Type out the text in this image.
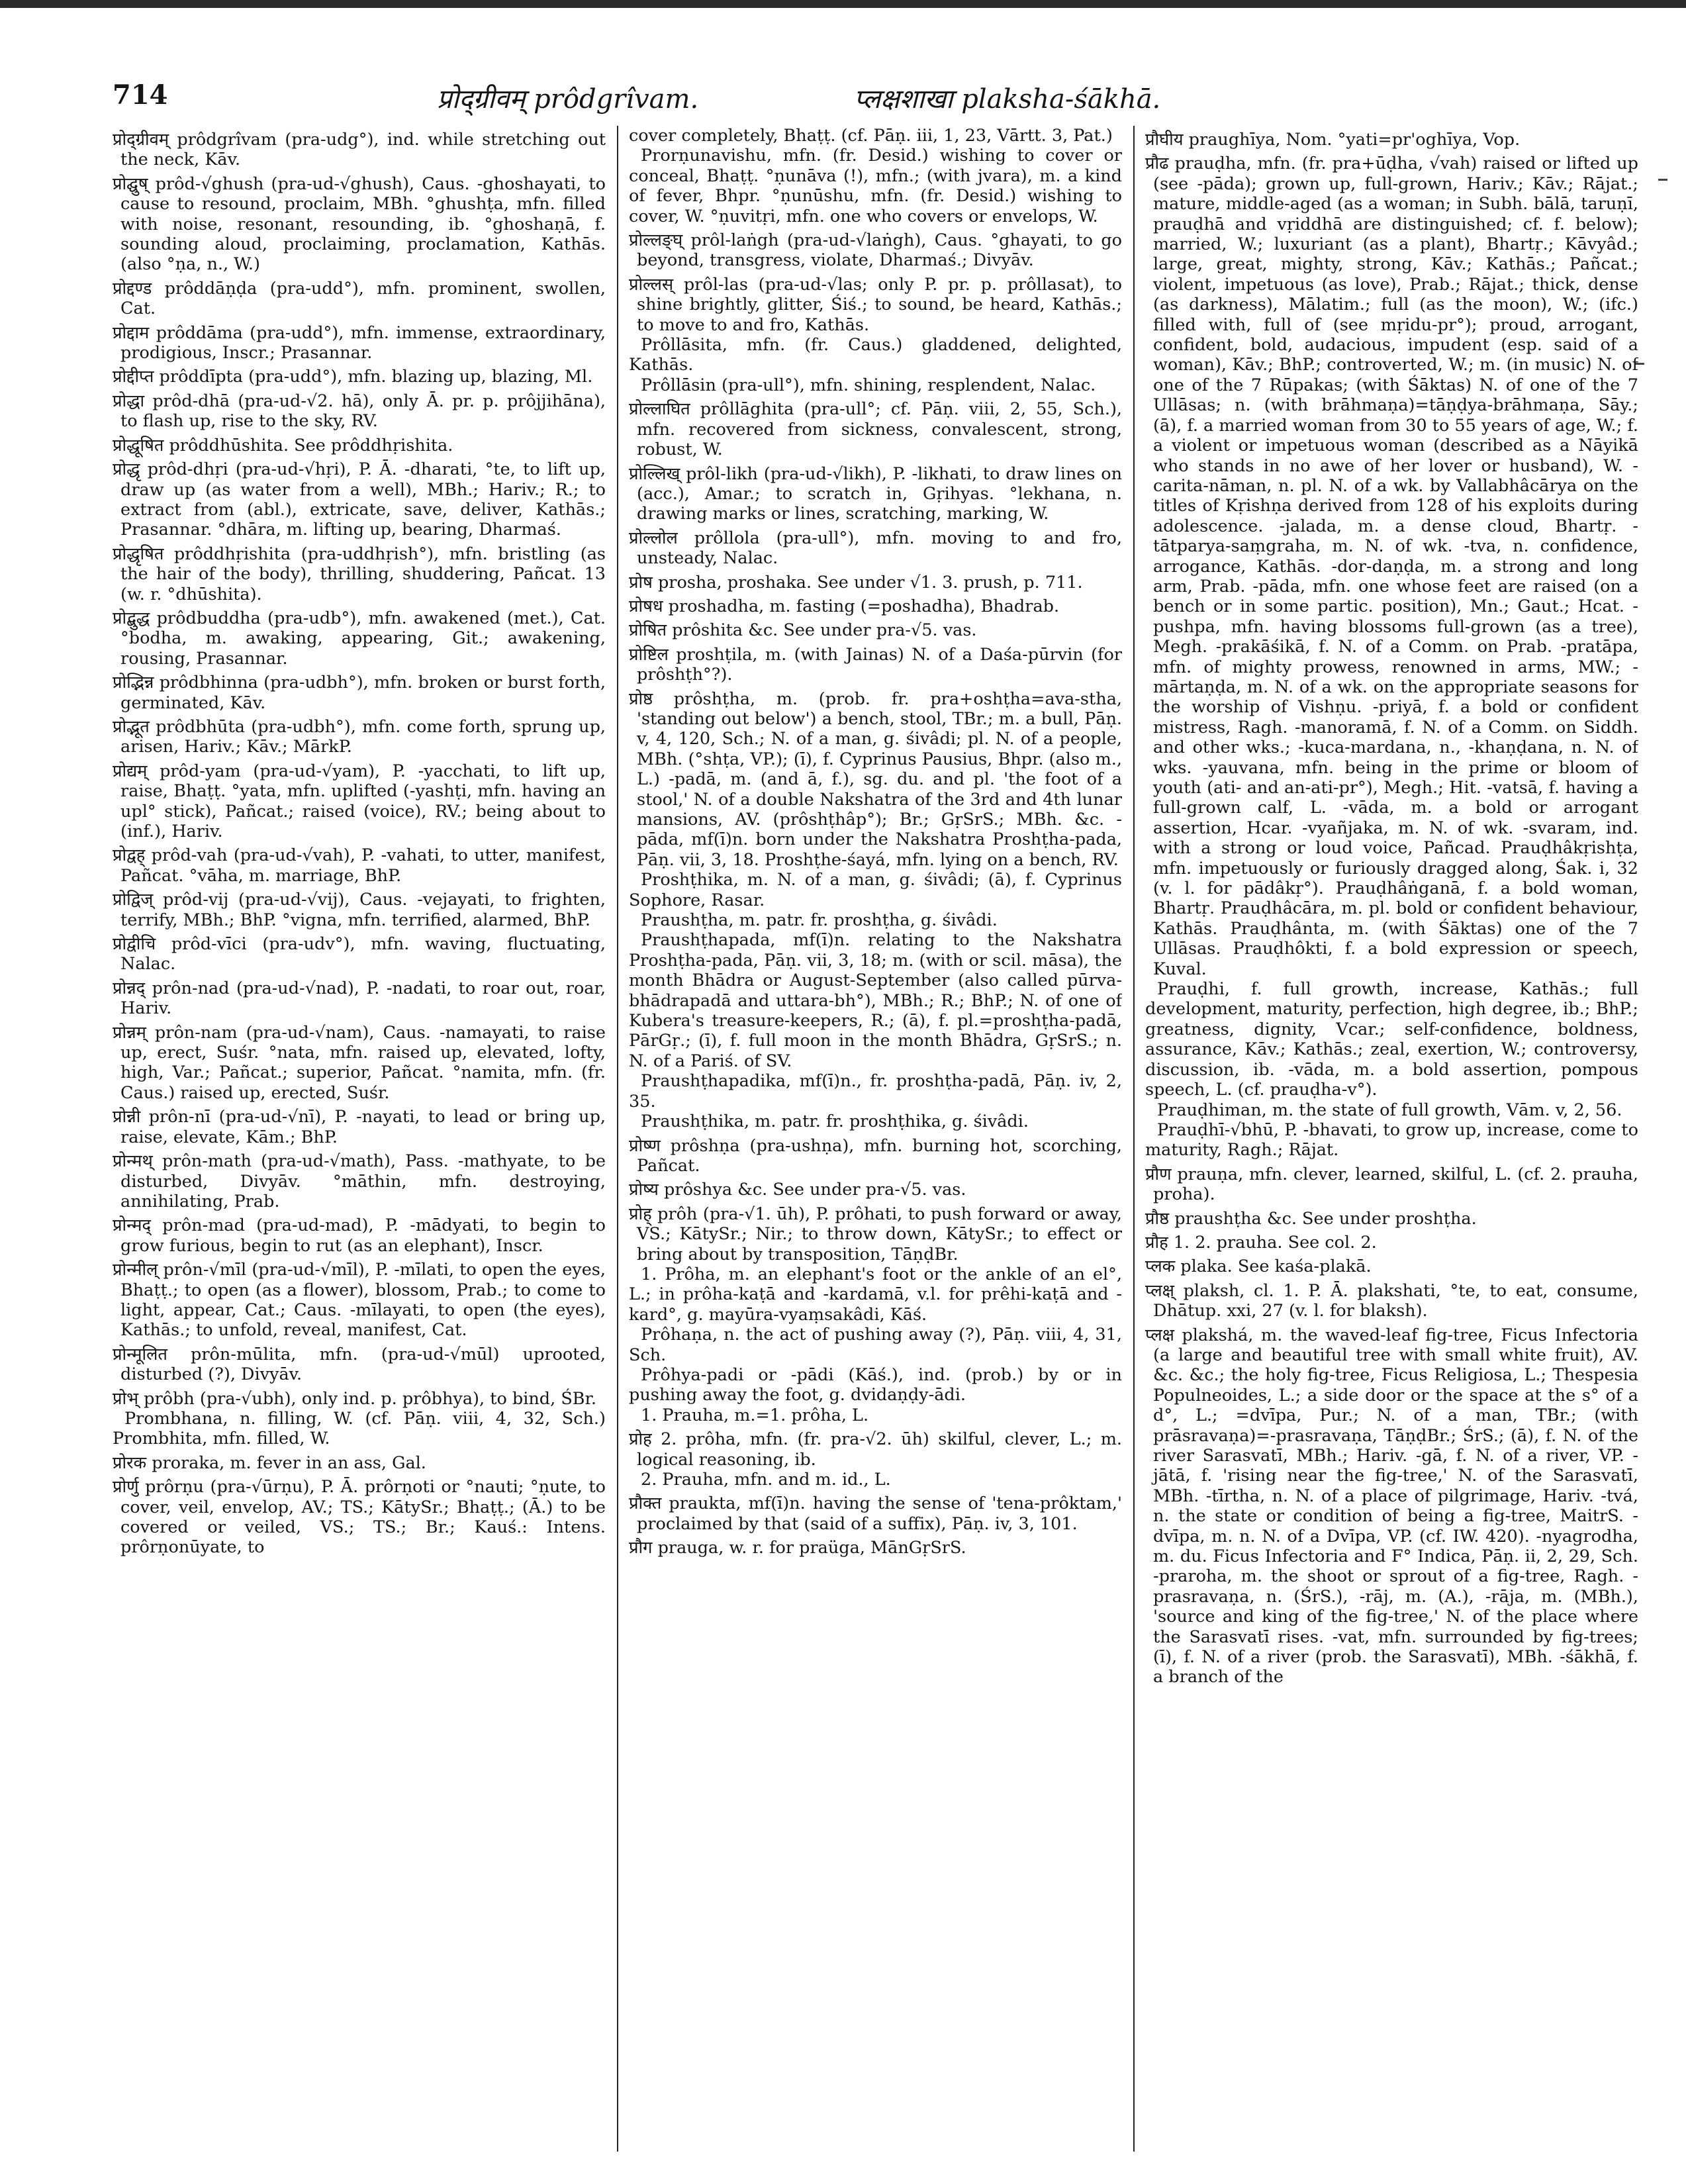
714	प्रोद्ग्रीवम् prôdgrîvam.	प्लक्षशाखा plaksha-śākhā.

प्रोद्ग्रीवम् prôdgrîvam (pra-udg°), ind. while stretching out the neck, Kāv.

प्रोद्घुष् prôd-√ghush (pra-ud-√ghush), Caus. -ghoshayati, to cause to resound, proclaim, MBh. °ghushṭa, mfn. filled with noise, resonant, resounding, ib. °ghoshaṇā, f. sounding aloud, proclaiming, proclamation, Kathās. (also °ṇa, n., W.)

प्रोद्दण्ड prôddāṇḍa (pra-udd°), mfn. prominent, swollen, Cat.

प्रोद्दाम prôddāma (pra-udd°), mfn. immense, extraordinary, prodigious, Inscr.; Prasannar.

प्रोद्दीप्त prôddīpta (pra-udd°), mfn. blazing up, blazing, Ml.

प्रोद्धा prôd-dhā (pra-ud-√2. hā), only Ā. pr. p. prôjjihāna), to flash up, rise to the sky, RV.

प्रोद्धूषित prôddhūshita. See prôddhṛishita.

प्रोद्धृ prôd-dhṛi (pra-ud-√hṛi), P. Ā. -dharati, °te, to lift up, draw up (as water from a well), MBh.; Hariv.; R.; to extract from (abl.), extricate, save, deliver, Kathās.; Prasannar. °dhāra, m. lifting up, bearing, Dharmaś.

प्रोद्धृषित prôddhṛishita (pra-uddhṛish°), mfn. bristling (as the hair of the body), thrilling, shuddering, Pañcat. 13 (w. r. °dhūshita).

प्रोद्बुद्ध prôdbuddha (pra-udb°), mfn. awakened (met.), Cat. °bodha, m. awaking, appearing, Git.; awakening, rousing, Prasannar.

प्रोद्भिन्न prôdbhinna (pra-udbh°), mfn. broken or burst forth, germinated, Kāv.

प्रोद्भूत prôdbhūta (pra-udbh°), mfn. come forth, sprung up, arisen, Hariv.; Kāv.; MārkP.

प्रोद्यम् prôd-yam (pra-ud-√yam), P. -yacchati, to lift up, raise, Bhaṭṭ. °yata, mfn. uplifted (-yashṭi, mfn. having an upl° stick), Pañcat.; raised (voice), RV.; being about to (inf.), Hariv.

प्रोद्वह् prôd-vah (pra-ud-√vah), P. -vahati, to utter, manifest, Pañcat. °vāha, m. marriage, BhP.

प्रोद्विज् prôd-vij (pra-ud-√vij), Caus. -vejayati, to frighten, terrify, MBh.; BhP. °vigna, mfn. terrified, alarmed, BhP.

प्रोद्वीचि prôd-vīci (pra-udv°), mfn. waving, fluctuating, Nalac.

प्रोन्नद् prôn-nad (pra-ud-√nad), P. -nadati, to roar out, roar, Hariv.

प्रोन्नम् prôn-nam (pra-ud-√nam), Caus. -namayati, to raise up, erect, Suśr. °nata, mfn. raised up, elevated, lofty, high, Var.; Pañcat.; superior, Pañcat. °namita, mfn. (fr. Caus.) raised up, erected, Suśr.

प्रोन्नी prôn-nī (pra-ud-√nī), P. -nayati, to lead or bring up, raise, elevate, Kām.; BhP.

प्रोन्मथ् prôn-math (pra-ud-√math), Pass. -mathyate, to be disturbed, Divyāv. °māthin, mfn. destroying, annihilating, Prab.

प्रोन्मद् prôn-mad (pra-ud-mad), P. -mādyati, to begin to grow furious, begin to rut (as an elephant), Inscr.

प्रोन्मील् prôn-√mīl (pra-ud-√mīl), P. -mīlati, to open the eyes, Bhaṭṭ.; to open (as a flower), blossom, Prab.; to come to light, appear, Cat.; Caus. -mīlayati, to open (the eyes), Kathās.; to unfold, reveal, manifest, Cat.

प्रोन्मूलित prôn-mūlita, mfn. (pra-ud-√mūl) uprooted, disturbed (?), Divyāv.

प्रोभ् prôbh (pra-√ubh), only ind. p. prôbhya), to bind, ŚBr.

Prombhana, n. filling, W. (cf. Pāṇ. viii, 4, 32, Sch.) Prombhita, mfn. filled, W.

प्रोरक proraka, m. fever in an ass, Gal.

प्रोर्णु prôrṇu (pra-√ūrṇu), P. Ā. prôrṇoti or °nauti; °ṇute, to cover, veil, envelop, AV.; TS.; KātySr.; Bhaṭṭ.; (Ā.) to be covered or veiled, VS.; TS.; Br.; Kauś.: Intens. prôrṇonūyate, to

cover completely, Bhaṭṭ. (cf. Pāṇ. iii, 1, 23, Vārtt. 3, Pat.)

Prorṇunavishu, mfn. (fr. Desid.) wishing to cover or conceal, Bhaṭṭ. °ṇunāva (!), mfn.; (with jvara), m. a kind of fever, Bhpr. °ṇunūshu, mfn. (fr. Desid.) wishing to cover, W. °ṇuvitṛi, mfn. one who covers or envelops, W.

प्रोल्लङ्घ् prôl-laṅgh (pra-ud-√laṅgh), Caus. °ghayati, to go beyond, transgress, violate, Dharmaś.; Divyāv.

प्रोल्लस् prôl-las (pra-ud-√las; only P. pr. p. prôllasat), to shine brightly, glitter, Śiś.; to sound, be heard, Kathās.; to move to and fro, Kathās.

Prôllāsita, mfn. (fr. Caus.) gladdened, delighted, Kathās.

Prôllāsin (pra-ull°), mfn. shining, resplendent, Nalac.

प्रोल्लाघित prôllāghita (pra-ull°; cf. Pāṇ. viii, 2, 55, Sch.), mfn. recovered from sickness, convalescent, strong, robust, W.

प्रोल्लिख् prôl-likh (pra-ud-√likh), P. -likhati, to draw lines on (acc.), Amar.; to scratch in, Gṛihyas. °lekhana, n. drawing marks or lines, scratching, marking, W.

प्रोल्लोल prôllola (pra-ull°), mfn. moving to and fro, unsteady, Nalac.

प्रोष prosha, proshaka. See under √1. 3. prush, p. 711.

प्रोषध proshadha, m. fasting (=poshadha), Bhadrab.

प्रोषित prôshita &c. See under pra-√5. vas.

प्रोष्टिल proshṭila, m. (with Jainas) N. of a Daśa-pūrvin (for prôshṭh°?).

प्रोष्ठ prôshṭha, m. (prob. fr. pra+oshṭha=ava-stha, 'standing out below') a bench, stool, TBr.; m. a bull, Pāṇ. v, 4, 120, Sch.; N. of a man, g. śivâdi; pl. N. of a people, MBh. (°shṭa, VP.); (ī), f. Cyprinus Pausius, Bhpr. (also m., L.) -padā, m. (and ā, f.), sg. du. and pl. 'the foot of a stool,' N. of a double Nakshatra of the 3rd and 4th lunar mansions, AV. (prôshṭhâp°); Br.; GṛSrS.; MBh. &c. -pāda, mf(ī)n. born under the Nakshatra Proshṭha-pada, Pāṇ. vii, 3, 18. Proshṭhe-śayá, mfn. lying on a bench, RV.

Proshṭhika, m. N. of a man, g. śivâdi; (ā), f. Cyprinus Sophore, Rasar.

Praushṭha, m. patr. fr. proshṭha, g. śivâdi.

Praushṭhapada, mf(ī)n. relating to the Nakshatra Proshṭha-pada, Pāṇ. vii, 3, 18; m. (with or scil. māsa), the month Bhādra or August-September (also called pūrva-bhādrapadā and uttara-bh°), MBh.; R.; BhP.; N. of one of Kubera's treasure-keepers, R.; (ā), f. pl.=proshṭha-padā, PārGṛ.; (ī), f. full moon in the month Bhādra, GṛSrS.; n. N. of a Pariś. of SV.

Praushṭhapadika, mf(ī)n., fr. proshṭha-padā, Pāṇ. iv, 2, 35.

Praushṭhika, m. patr. fr. proshṭhika, g. śivâdi.

प्रोष्ण prôshṇa (pra-ushṇa), mfn. burning hot, scorching, Pañcat.

प्रोष्य prôshya &c. See under pra-√5. vas.

प्रोह् prôh (pra-√1. ūh), P. prôhati, to push forward or away, VS.; KātySr.; Nir.; to throw down, KātySr.; to effect or bring about by transposition, TāṇḍBr.

1. Prôha, m. an elephant's foot or the ankle of an el°, L.; in prôha-kaṭā and -kardamā, v.l. for prêhi-kaṭā and -kard°, g. mayūra-vyaṃsakâdi, Kāś.

Prôhaṇa, n. the act of pushing away (?), Pāṇ. viii, 4, 31, Sch.

Prôhya-padi or -pādi (Kāś.), ind. (prob.) by or in pushing away the foot, g. dvidaṇḍy-ādi.

1. Prauha, m.=1. prôha, L.

प्रोह 2. prôha, mfn. (fr. pra-√2. ūh) skilful, clever, L.; m. logical reasoning, ib.

2. Prauha, mfn. and m. id., L.

प्रौक्त praukta, mf(ī)n. having the sense of 'tena-prôktam,' proclaimed by that (said of a suffix), Pāṇ. iv, 3, 101.

प्रौग prauga, w. r. for praüga, MānGṛSrS.

प्रौघीय praughīya, Nom. °yati=pr'oghīya, Vop.

प्रौढ prauḍha, mfn. (fr. pra+ūḍha, √vah) raised or lifted up (see -pāda); grown up, full-grown, Hariv.; Kāv.; Rājat.; mature, middle-aged (as a woman; in Subh. bālā, taruṇī, prauḍhā and vṛiddhā are distinguished; cf. f. below); married, W.; luxuriant (as a plant), Bhartṛ.; Kāvyâd.; large, great, mighty, strong, Kāv.; Kathās.; Pañcat.; violent, impetuous (as love), Prab.; Rājat.; thick, dense (as darkness), Mālatim.; full (as the moon), W.; (ifc.) filled with, full of (see mṛidu-pr°); proud, arrogant, confident, bold, audacious, impudent (esp. said of a woman), Kāv.; BhP.; controverted, W.; m. (in music) N. of one of the 7 Rūpakas; (with Śāktas) N. of one of the 7 Ullāsas; n. (with brāhmaṇa)=tāṇḍya-brāhmaṇa, Sāy.; (ā), f. a married woman from 30 to 55 years of age, W.; f. a violent or impetuous woman (described as a Nāyikā who stands in no awe of her lover or husband), W. -carita-nāman, n. pl. N. of a wk. by Vallabhâcārya on the titles of Kṛishṇa derived from 128 of his exploits during adolescence. -jalada, m. a dense cloud, Bhartṛ. -tātparya-saṃgraha, m. N. of wk. -tva, n. confidence, arrogance, Kathās. -dor-daṇḍa, m. a strong and long arm, Prab. -pāda, mfn. one whose feet are raised (on a bench or in some partic. position), Mn.; Gaut.; Hcat. -pushpa, mfn. having blossoms full-grown (as a tree), Megh. -prakāśikā, f. N. of a Comm. on Prab. -pratāpa, mfn. of mighty prowess, renowned in arms, MW.; -mārtaṇḍa, m. N. of a wk. on the appropriate seasons for the worship of Vishṇu. -priyā, f. a bold or confident mistress, Ragh. -manoramā, f. N. of a Comm. on Siddh. and other wks.; -kuca-mardana, n., -khaṇḍana, n. N. of wks. -yauvana, mfn. being in the prime or bloom of youth (ati- and an-ati-pr°), Megh.; Hit. -vatsā, f. having a full-grown calf, L. -vāda, m. a bold or arrogant assertion, Hcar. -vyañjaka, m. N. of wk. -svaram, ind. with a strong or loud voice, Pañcad. Prauḍhâkṛishṭa, mfn. impetuously or furiously dragged along, Śak. i, 32 (v. l. for pādâkṛ°). Prauḍhâṅganā, f. a bold woman, Bhartṛ. Prauḍhâcāra, m. pl. bold or confident behaviour, Kathās. Prauḍhânta, m. (with Śāktas) one of the 7 Ullāsas. Prauḍhôkti, f. a bold expression or speech, Kuval.

Prauḍhi, f. full growth, increase, Kathās.; full development, maturity, perfection, high degree, ib.; BhP.; greatness, dignity, Vcar.; self-confidence, boldness, assurance, Kāv.; Kathās.; zeal, exertion, W.; controversy, discussion, ib. -vāda, m. a bold assertion, pompous speech, L. (cf. prauḍha-v°).

Prauḍhiman, m. the state of full growth, Vām. v, 2, 56.

Prauḍhī-√bhū, P. -bhavati, to grow up, increase, come to maturity, Ragh.; Rājat.

प्रौण prauṇa, mfn. clever, learned, skilful, L. (cf. 2. prauha, proha).

प्रौष्ठ praushṭha &c. See under proshṭha.

प्रौह 1. 2. prauha. See col. 2.

प्लक plaka. See kaśa-plakā.

प्लक्ष् plaksh, cl. 1. P. Ā. plakshati, °te, to eat, consume, Dhātup. xxi, 27 (v. l. for blaksh).

प्लक्ष plakshá, m. the waved-leaf fig-tree, Ficus Infectoria (a large and beautiful tree with small white fruit), AV. &c. &c.; the holy fig-tree, Ficus Religiosa, L.; Thespesia Populneoides, L.; a side door or the space at the s° of a d°, L.; =dvīpa, Pur.; N. of a man, TBr.; (with prāsravaṇa)=-prasravaṇa, TāṇḍBr.; ŚrS.; (ā), f. N. of the river Sarasvatī, MBh.; Hariv. -gā, f. N. of a river, VP. -jātā, f. 'rising near the fig-tree,' N. of the Sarasvatī, MBh. -tīrtha, n. N. of a place of pilgrimage, Hariv. -tvá, n. the state or condition of being a fig-tree, MaitrS. -dvīpa, m. n. N. of a Dvīpa, VP. (cf. IW. 420). -nyagrodha, m. du. Ficus Infectoria and F° Indica, Pāṇ. ii, 2, 29, Sch. -praroha, m. the shoot or sprout of a fig-tree, Ragh. -prasravaṇa, n. (ŚrS.), -rāj, m. (A.), -rāja, m. (MBh.), 'source and king of the fig-tree,' N. of the place where the Sarasvatī rises. -vat, mfn. surrounded by fig-trees; (ī), f. N. of a river (prob. the Sarasvatī), MBh. -śākhā, f. a branch of the
